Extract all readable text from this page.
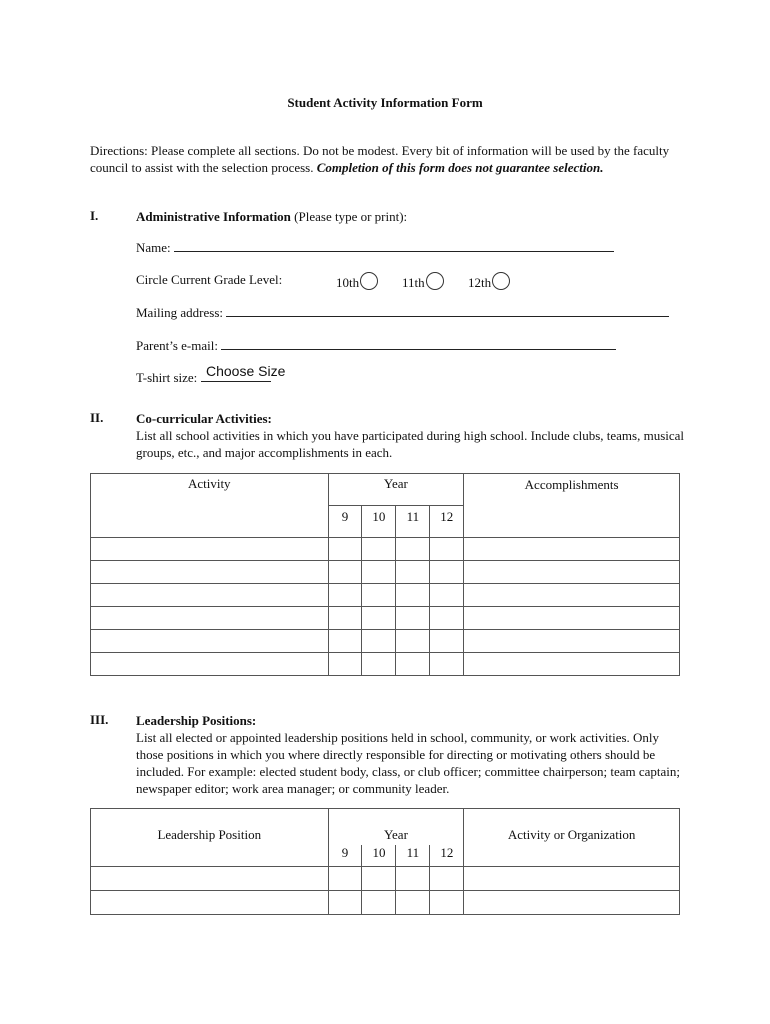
Student Activity Information Form
Directions: Please complete all sections. Do not be modest. Every bit of information will be used by the faculty council to assist with the selection process. Completion of this form does not guarantee selection.
I.	Administrative Information (Please type or print):
Name:
Circle Current Grade Level:	10th	11th	12th
Mailing address:
Parent’s e-mail:
T-shirt size: Choose Size
II.	Co-curricular Activities:
List all school activities in which you have participated during high school. Include clubs, teams, musical groups, etc., and major accomplishments in each.
Activity	Year				Accomplishments
	9	10	11	12	

III. Leadership Positions:
List all elected or appointed leadership positions held in school, community, or work activities. Only those positions in which you where directly responsible for directing or motivating others should be included. For example: elected student body, class, or club officer; committee chairperson; team captain; newspaper editor; work area manager; or community leader.
Leadership Position	Year				Activity or Organization
	9	10	11	12	
